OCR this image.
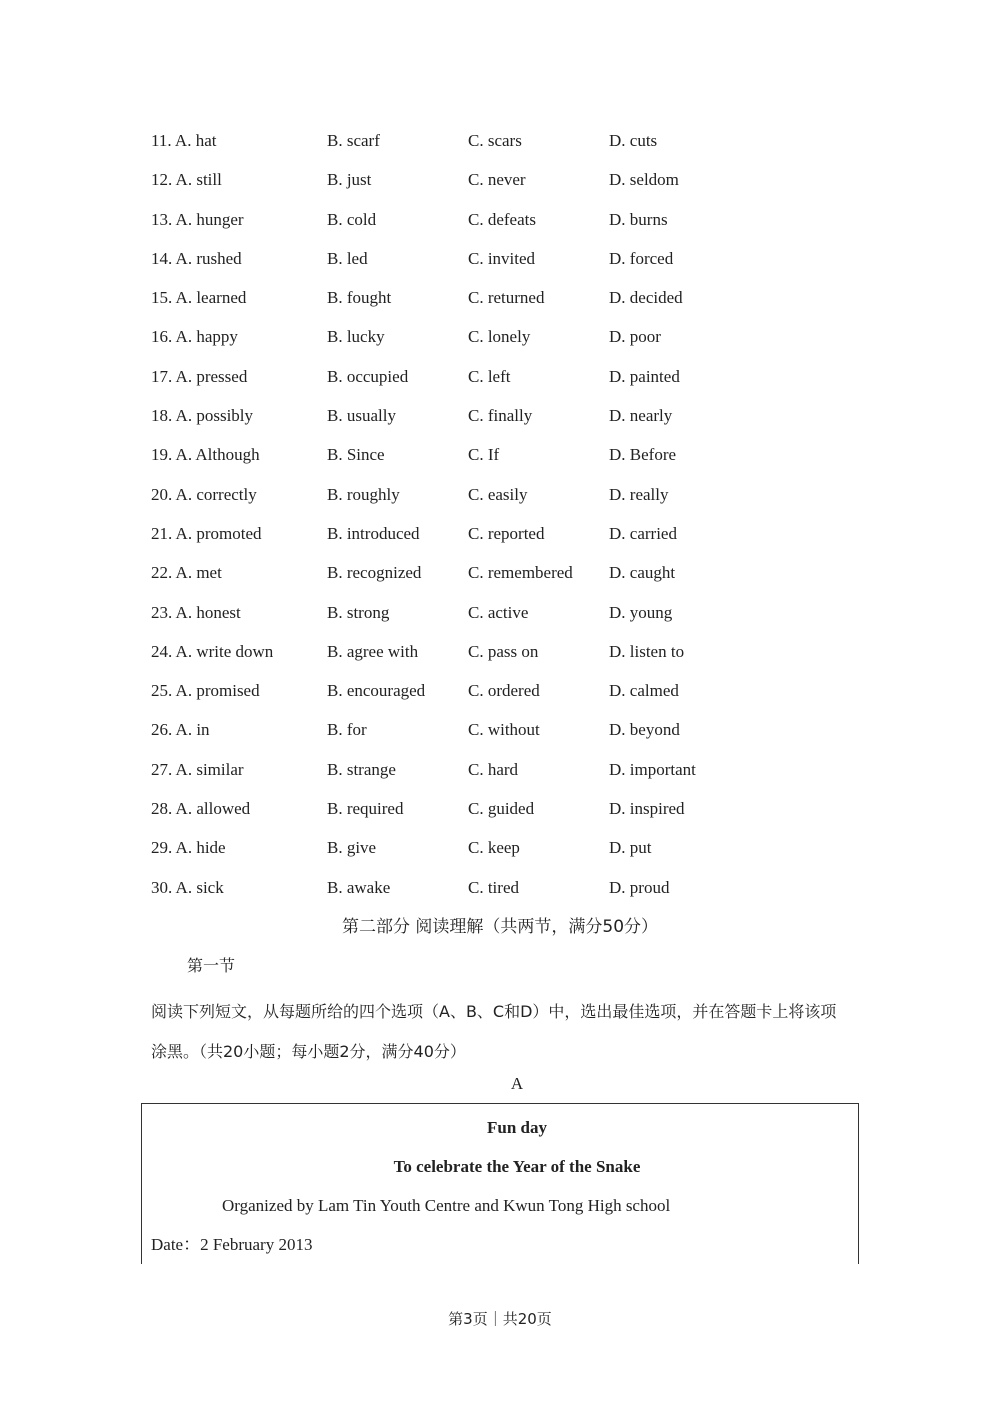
11. A. hat	B. scarf	C. scars	D. cuts
12. A. still	B. just	C. never	D. seldom
13. A. hunger	B. cold	C. defeats	D. burns
14. A. rushed	B. led	C. invited	D. forced
15. A. learned	B. fought	C. returned	D. decided
16. A. happy	B. lucky	C. lonely	D. poor
17. A. pressed	B. occupied	C. left	D. painted
18. A. possibly	B. usually	C. finally	D. nearly
19. A. Although	B. Since	C. If	D. Before
20. A. correctly	B. roughly	C. easily	D. really
21. A. promoted	B. introduced	C. reported	D. carried
22. A. met	B. recognized	C. remembered D. caught
23. A. honest	B. strong	C. active	D. young
24. A. write down	B. agree with	C. pass on	D. listen to
25. A. promised	B. encouraged	C. ordered	D. calmed
26. A. in	B. for	C. without	D. beyond
27. A. similar	B. strange	C. hard	D. important
28. A. allowed	B. required	C. guided	D. inspired
29. A. hide	B. give	C. keep	D. put
30. A. sick	B. awake	C. tired	D. proud
第二部分 阅读理解（共两节，满分50分）
第一节
阅读下列短文，从每题所给的四个选项（A、B、C和D）中，选出最佳选项，并在答题卡上将该项涂黑。（共20小题；每小题2分，满分40分）
A
Fun day
To celebrate the Year of the Snake
Organized by Lam Tin Youth Centre and Kwun Tong High school
Date：2 February 2013
第3页｜共20页
